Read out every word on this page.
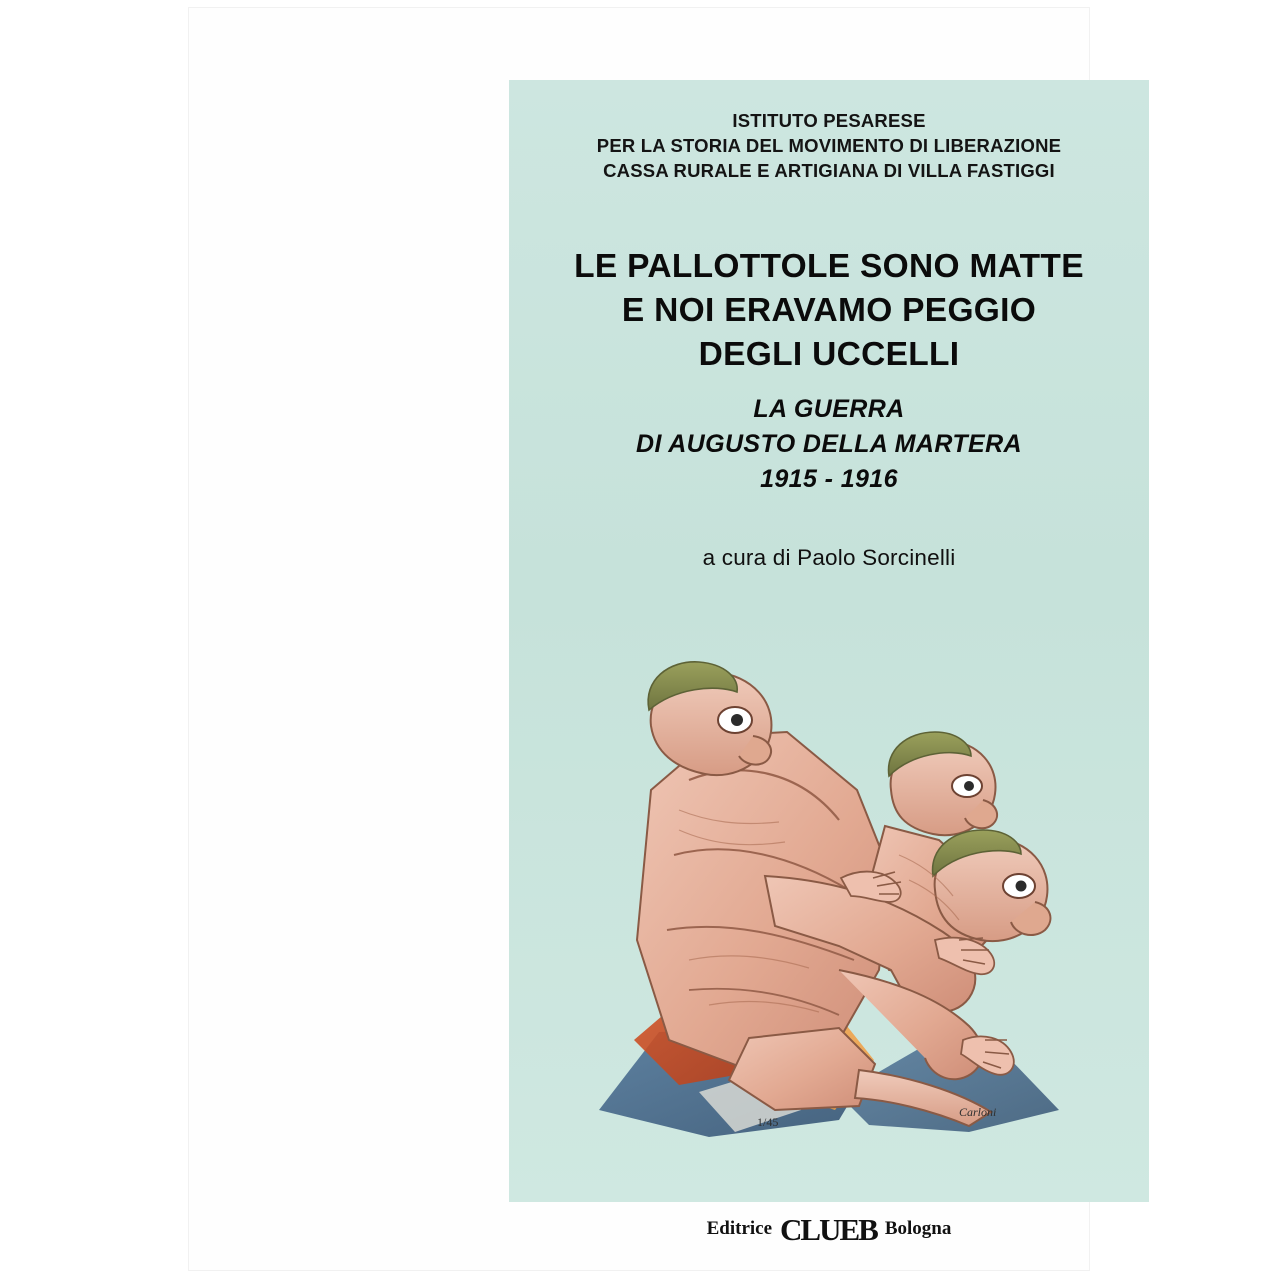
ISTITUTO PESARESE
PER LA STORIA DEL MOVIMENTO DI LIBERAZIONE
CASSA RURALE E ARTIGIANA DI VILLA FASTIGGI
LE PALLOTTOLE SONO MATTE
E NOI ERAVAMO PEGGIO
DEGLI UCCELLI
LA GUERRA
DI AUGUSTO DELLA MARTERA
1915 - 1916
a cura di Paolo Sorcinelli
1/45
Carloni
Editrice CLUEB Bologna
